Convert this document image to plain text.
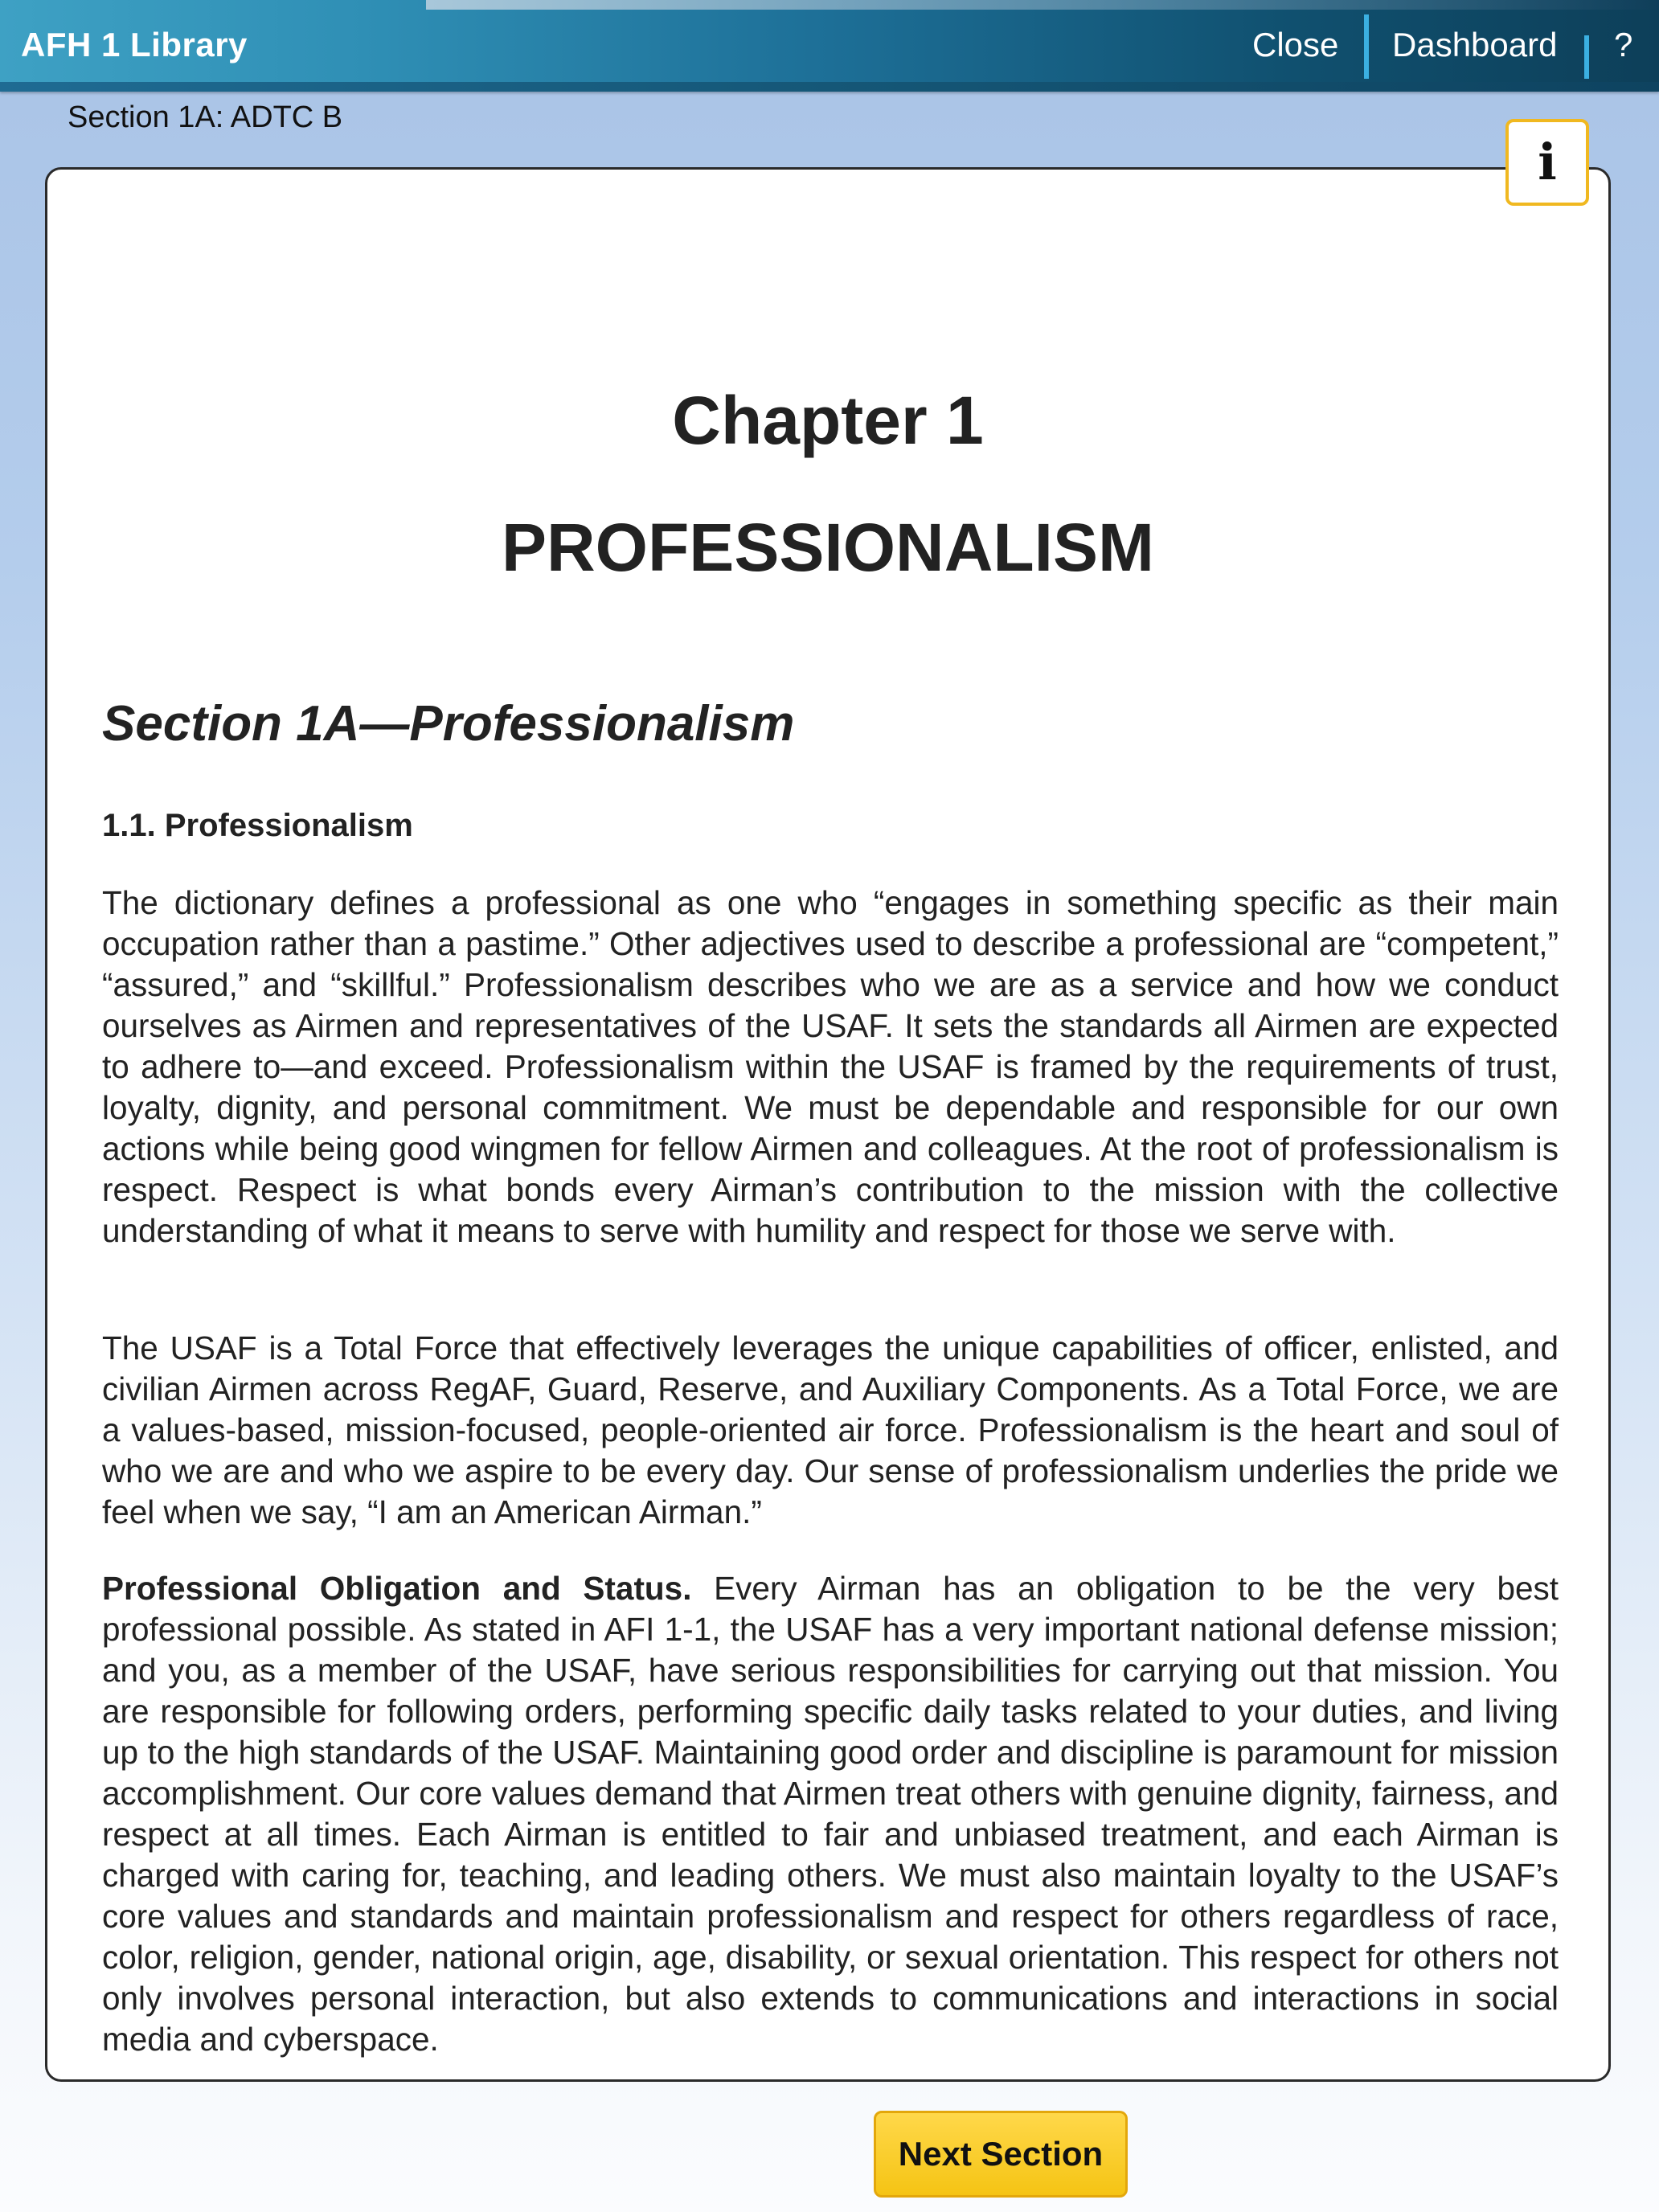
AFH 1 Library	Close Dashboard ?
Section 1A: ADTC B
i
Chapter 1
PROFESSIONALISM
Section 1A—Professionalism
1.1. Professionalism

The dictionary defines a professional as one who “engages in something specific as their main occupation rather than a pastime.” Other adjectives used to describe a professional are “competent,” “assured,” and “skillful.” Professionalism describes who we are as a service and how we conduct ourselves as Airmen and representatives of the USAF. It sets the standards all Airmen are expected to adhere to—and exceed. Professionalism within the USAF is framed by the requirements of trust, loyalty, dignity, and personal commitment. We must be dependable and responsible for our own actions while being good wingmen for fellow Airmen and colleagues. At the root of professionalism is respect. Respect is what bonds every Airman’s contribution to the mission with the collective understanding of what it means to serve with humility and respect for those we serve with.

The USAF is a Total Force that effectively leverages the unique capabilities of officer, enlisted, and civilian Airmen across RegAF, Guard, Reserve, and Auxiliary Components. As a Total Force, we are a values-based, mission-focused, people-oriented air force. Professionalism is the heart and soul of who we are and who we aspire to be every day. Our sense of professionalism underlies the pride we feel when we say, “I am an American Airman.”

Professional Obligation and Status. Every Airman has an obligation to be the very best professional possible. As stated in AFI 1-1, the USAF has a very important national defense mission; and you, as a member of the USAF, have serious responsibilities for carrying out that mission. You are responsible for following orders, performing specific daily tasks related to your duties, and living up to the high standards of the USAF. Maintaining good order and discipline is paramount for mission accomplishment. Our core values demand that Airmen treat others with genuine dignity, fairness, and respect at all times. Each Airman is entitled to fair and unbiased treatment, and each Airman is charged with caring for, teaching, and leading others. We must also maintain loyalty to the USAF’s core values and standards and maintain professionalism and respect for others regardless of race, color, religion, gender, national origin, age, disability, or sexual orientation. This respect for others not only involves personal interaction, but also extends to communications and interactions in social media and cyberspace.

Next Section
